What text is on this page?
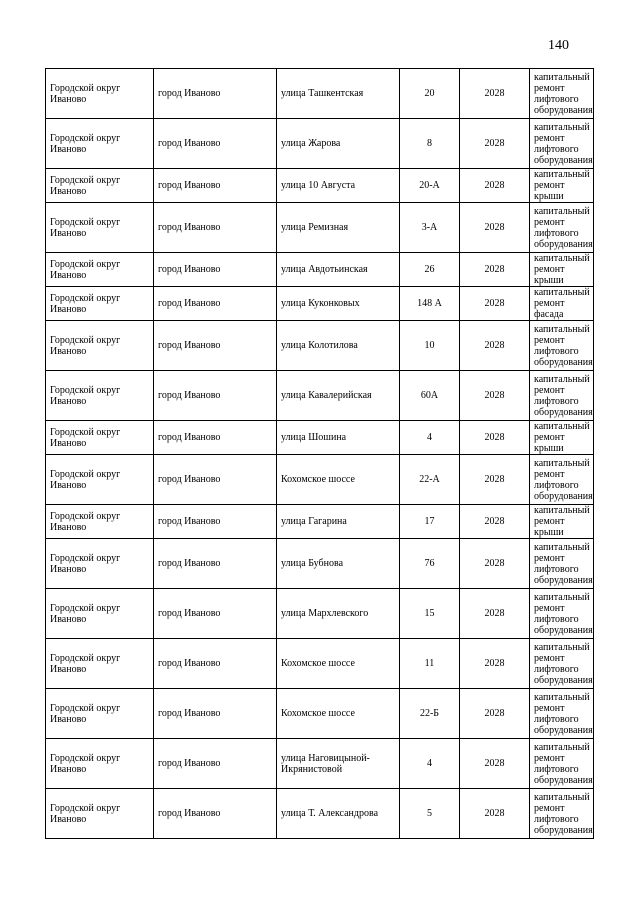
140
Городской округ Иваново	город Иваново	улица Ташкентская	20	2028	капитальный ремонт лифтового оборудования
Городской округ Иваново	город Иваново	улица Жарова	8	2028	капитальный ремонт лифтового оборудования
Городской округ Иваново	город Иваново	улица 10 Августа	20-А	2028	капитальный ремонт крыши
Городской округ Иваново	город Иваново	улица Ремизная	3-А	2028	капитальный ремонт лифтового оборудования
Городской округ Иваново	город Иваново	улица Авдотьинская	26	2028	капитальный ремонт крыши
Городской округ Иваново	город Иваново	улица Куконковых	148 А	2028	капитальный ремонт фасада
Городской округ Иваново	город Иваново	улица Колотилова	10	2028	капитальный ремонт лифтового оборудования
Городской округ Иваново	город Иваново	улица Кавалерийская	60А	2028	капитальный ремонт лифтового оборудования
Городской округ Иваново	город Иваново	улица Шошина	4	2028	капитальный ремонт крыши
Городской округ Иваново	город Иваново	Кохомское шоссе	22-А	2028	капитальный ремонт лифтового оборудования
Городской округ Иваново	город Иваново	улица Гагарина	17	2028	капитальный ремонт крыши
Городской округ Иваново	город Иваново	улица Бубнова	76	2028	капитальный ремонт лифтового оборудования
Городской округ Иваново	город Иваново	улица Мархлевского	15	2028	капитальный ремонт лифтового оборудования
Городской округ Иваново	город Иваново	Кохомское шоссе	11	2028	капитальный ремонт лифтового оборудования
Городской округ Иваново	город Иваново	Кохомское шоссе	22-Б	2028	капитальный ремонт лифтового оборудования
Городской округ Иваново	город Иваново	улица Наговицыной-Икрянистовой	4	2028	капитальный ремонт лифтового оборудования
Городской округ Иваново	город Иваново	улица Т. Александрова	5	2028	капитальный ремонт лифтового оборудования
